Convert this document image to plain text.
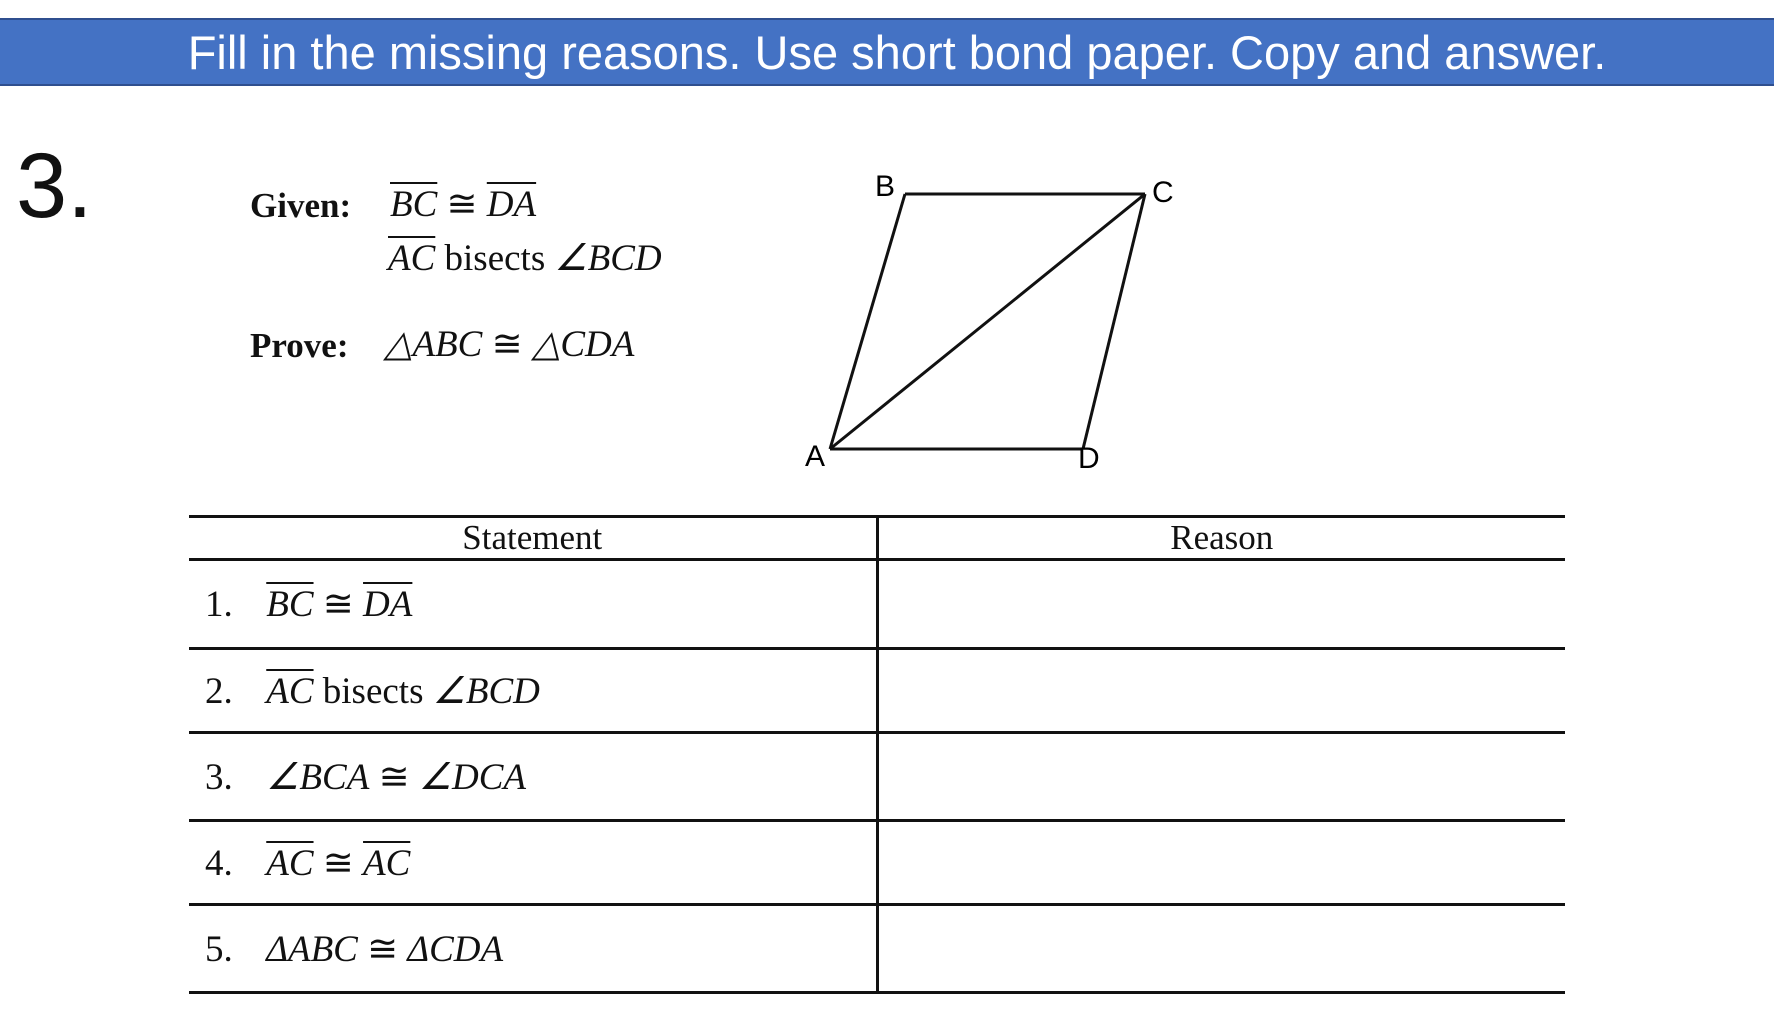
Fill in the missing reasons. Use short bond paper. Copy and answer.
3.	Given: $\overline{BC}$ ≅ $\overline{DA}$
$\overline{AC}$ bisects ∠BCD
Prove: △ABC ≅ △CDA
B	C
A	D
Statement	Reason
1. $\overline{BC}$ ≅ $\overline{DA}$	
2. $\overline{AC}$ bisects ∠BCD	
3. ∠BCA ≅ ∠DCA	
4. $\overline{AC}$ ≅ $\overline{AC}$	
5. ΔABC ≅ ΔCDA	
